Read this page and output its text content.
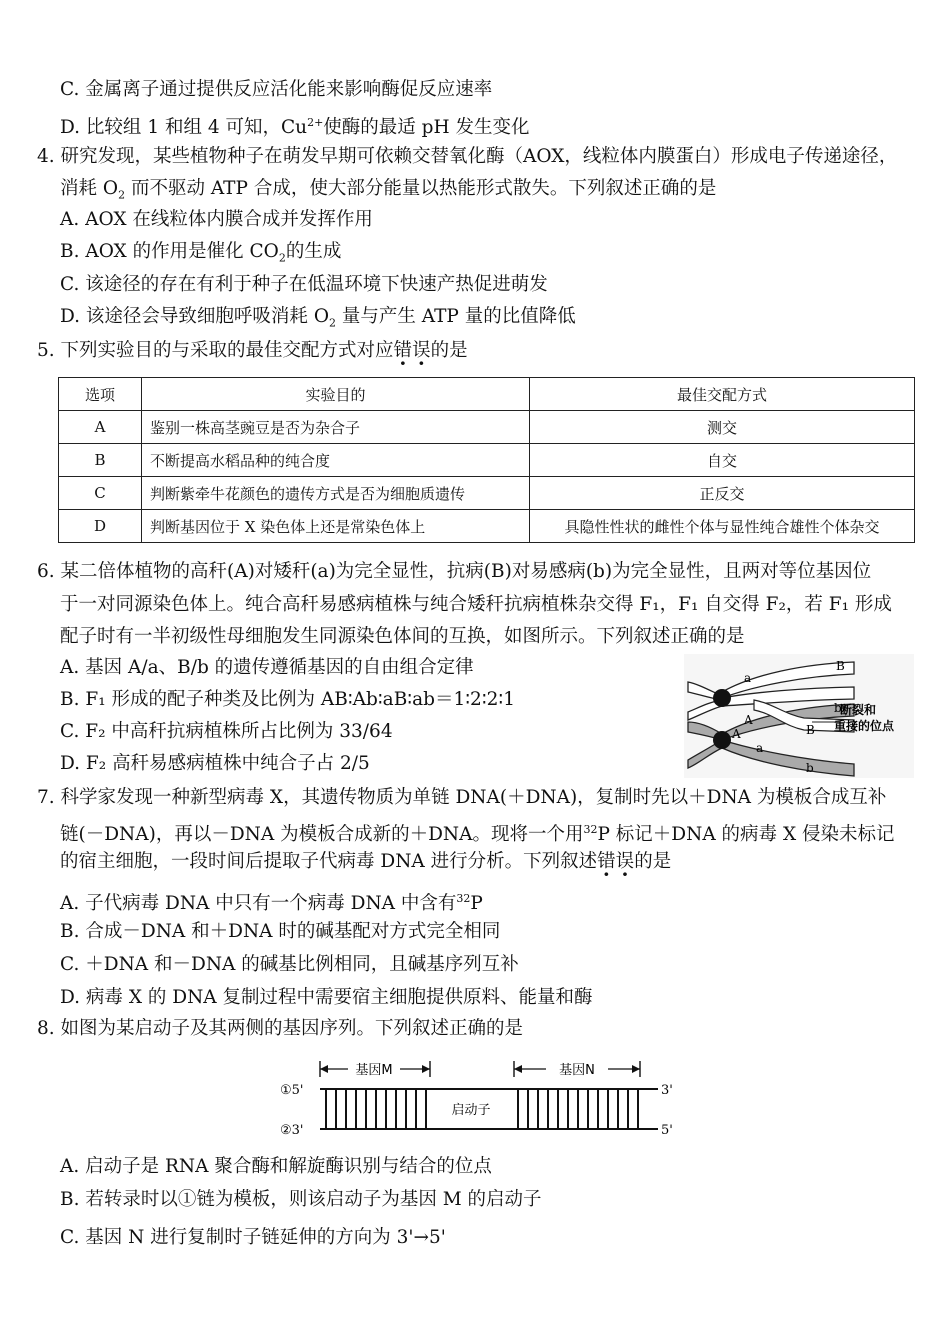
C. 金属离子通过提供反应活化能来影响酶促反应速率
D. 比较组 1 和组 4 可知，$Cu^{2+}$使酶的最适 pH 发生变化
4. 研究发现，某些植物种子在萌发早期可依赖交替氧化酶（AOX，线粒体内膜蛋白）形成电子传递途径，
消耗 $O_2$ 而不驱动 ATP 合成，使大部分能量以热能形式散失。下列叙述正确的是
A. AOX 在线粒体内膜合成并发挥作用
B. AOX 的作用是催化 $CO_2$的生成
C. 该途径的存在有利于种子在低温环境下快速产热促进萌发
D. 该途径会导致细胞呼吸消耗 $O_2$ 量与产生 ATP 量的比值降低
5. 下列实验目的与采取的最佳交配方式对应错误的是
选项	实验目的	最佳交配方式
A	鉴别一株高茎豌豆是否为杂合子	测交
B	不断提高水稻品种的纯合度	自交
C	判断紫牵牛花颜色的遗传方式是否为细胞质遗传	正反交
D	判断基因位于 X 染色体上还是常染色体上	具隐性性状的雌性个体与显性纯合雄性个体杂交
6. 某二倍体植物的高秆(A)对矮秆(a)为完全显性，抗病(B)对易感病(b)为完全显性，且两对等位基因位
于一对同源染色体上。纯合高秆易感病植株与纯合矮秆抗病植株杂交得 F₁，F₁ 自交得 F₂，若 F₁ 形成
配子时有一半初级性母细胞发生同源染色体间的互换，如图所示。下列叙述正确的是
A. 基因 A/a、B/b 的遗传遵循基因的自由组合定律
B. F₁ 形成的配子种类及比例为 AB∶Ab∶aB∶ab＝1∶2∶2∶1
C. F₂ 中高秆抗病植株所占比例为 33/64
D. F₂ 高秆易感病植株中纯合子占 2/5
B
a
b
A
A	B
a
b
断裂和
重接的位点
7. 科学家发现一种新型病毒 X，其遗传物质为单链 DNA(＋DNA)，复制时先以＋DNA 为模板合成互补
链(－DNA)，再以－DNA 为模板合成新的＋DNA。现将一个用$^{32}$P 标记＋DNA 的病毒 X 侵染未标记
的宿主细胞，一段时间后提取子代病毒 DNA 进行分析。下列叙述错误的是
A. 子代病毒 DNA 中只有一个病毒 DNA 中含有$^{32}$P
B. 合成－DNA 和＋DNA 时的碱基配对方式完全相同
C. ＋DNA 和－DNA 的碱基比例相同，且碱基序列互补
D. 病毒 X 的 DNA 复制过程中需要宿主细胞提供原料、能量和酶
8. 如图为某启动子及其两侧的基因序列。下列叙述正确的是
基因M	基因N
启动子
①5'
②3'
3'
5'
A. 启动子是 RNA 聚合酶和解旋酶识别与结合的位点
B. 若转录时以①链为模板，则该启动子为基因 M 的启动子
C. 基因 N 进行复制时子链延伸的方向为 3'→5'
